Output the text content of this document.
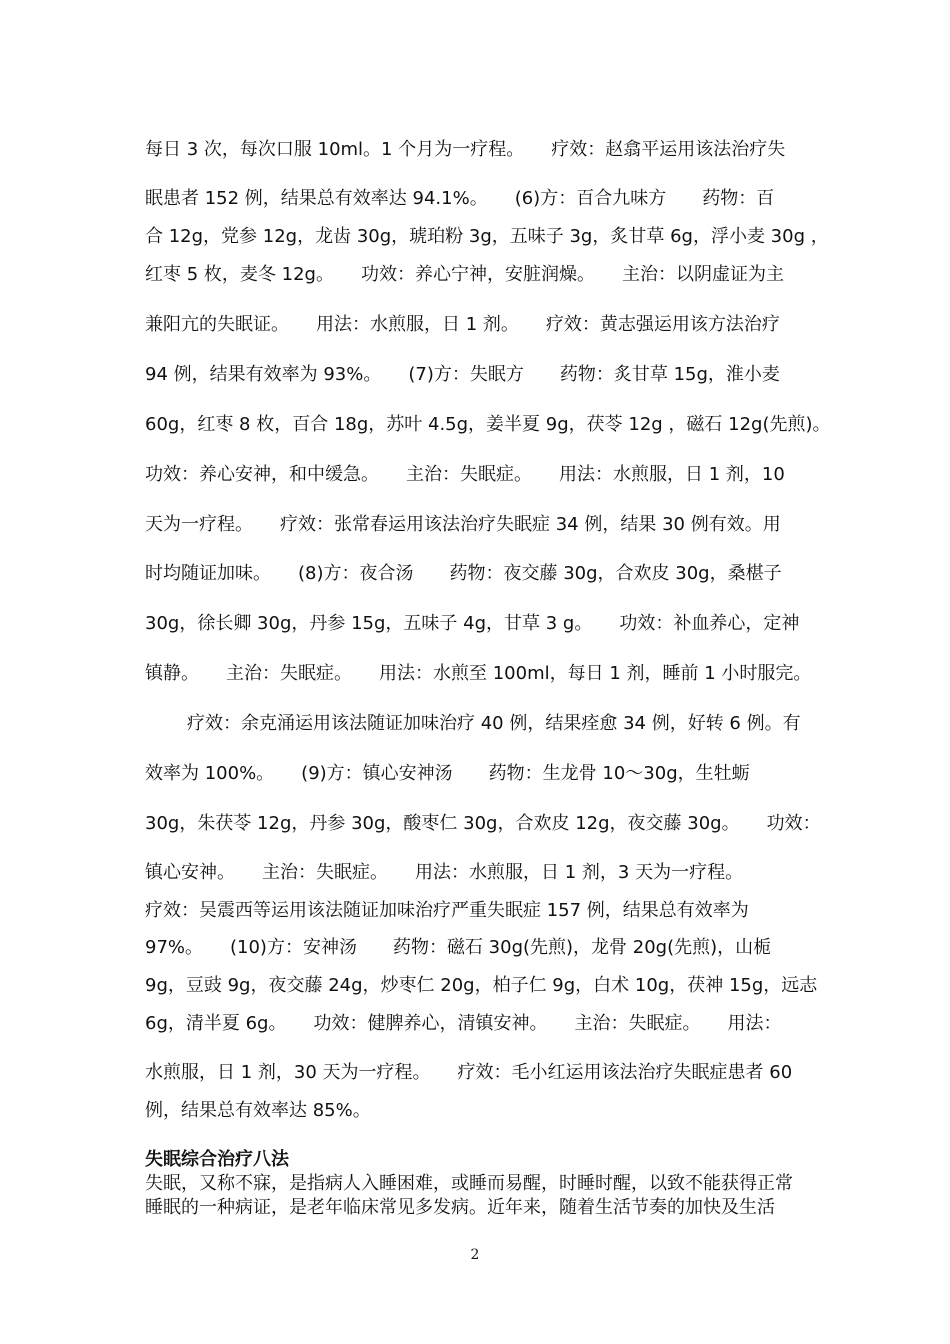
每日 3 次，每次口服 10ml。1 个月为一疗程。　　疗效：赵翕平运用该法治疗失
眠患者 152 例，结果总有效率达 94.1%。　　(6)方：百合九味方　　药物：百
合 12g，党参 12g，龙齿 30g，琥珀粉 3g，五味子 3g，炙甘草 6g，浮小麦 30g ，
红枣 5 枚，麦冬 12g。　　功效：养心宁神，安脏润燥。　　主治：以阴虚证为主
兼阳亢的失眠证。　　用法：水煎服，日 1 剂。　　疗效：黄志强运用该方法治疗
94 例，结果有效率为 93%。　　(7)方：失眠方　　药物：炙甘草 15g，淮小麦
60g，红枣 8 枚，百合 18g，苏叶 4.5g，姜半夏 9g，茯苓 12g ，磁石 12g(先煎)。
功效：养心安神，和中缓急。　　主治：失眠症。　　用法：水煎服，日 1 剂，10
天为一疗程。　　疗效：张常春运用该法治疗失眠症 34 例，结果 30 例有效。用
时均随证加味。　　(8)方：夜合汤　　药物：夜交藤 30g，合欢皮 30g，桑椹子
30g，徐长卿 30g，丹参 15g，五味子 4g，甘草 3 g。　　功效：补血养心，定神
镇静。　　主治：失眠症。　　用法：水煎至 100ml，每日 1 剂，睡前 1 小时服完。
疗效：余克涌运用该法随证加味治疗 40 例，结果痊愈 34 例，好转 6 例。有
效率为 100%。　　(9)方：镇心安神汤　　药物：生龙骨 10～30g，生牡蛎
30g，朱茯苓 12g，丹参 30g，酸枣仁 30g，合欢皮 12g，夜交藤 30g。　　功效：
镇心安神。　　主治：失眠症。　　用法：水煎服，日 1 剂，3 天为一疗程。
疗效：吴震西等运用该法随证加味治疗严重失眠症 157 例，结果总有效率为
97%。　　(10)方：安神汤　　药物：磁石 30g(先煎)，龙骨 20g(先煎)，山栀
9g，豆豉 9g，夜交藤 24g，炒枣仁 20g，柏子仁 9g，白术 10g，茯神 15g，远志
6g，清半夏 6g。　　功效：健脾养心，清镇安神。　　主治：失眠症。　　用法：
水煎服，日 1 剂，30 天为一疗程。　　疗效：毛小红运用该法治疗失眠症患者 60
例，结果总有效率达 85%。
失眠综合治疗八法
失眠，又称不寐，是指病人入睡困难，或睡而易醒，时睡时醒，以致不能获得正常
睡眠的一种病证，是老年临床常见多发病。近年来，随着生活节奏的加快及生活
2
